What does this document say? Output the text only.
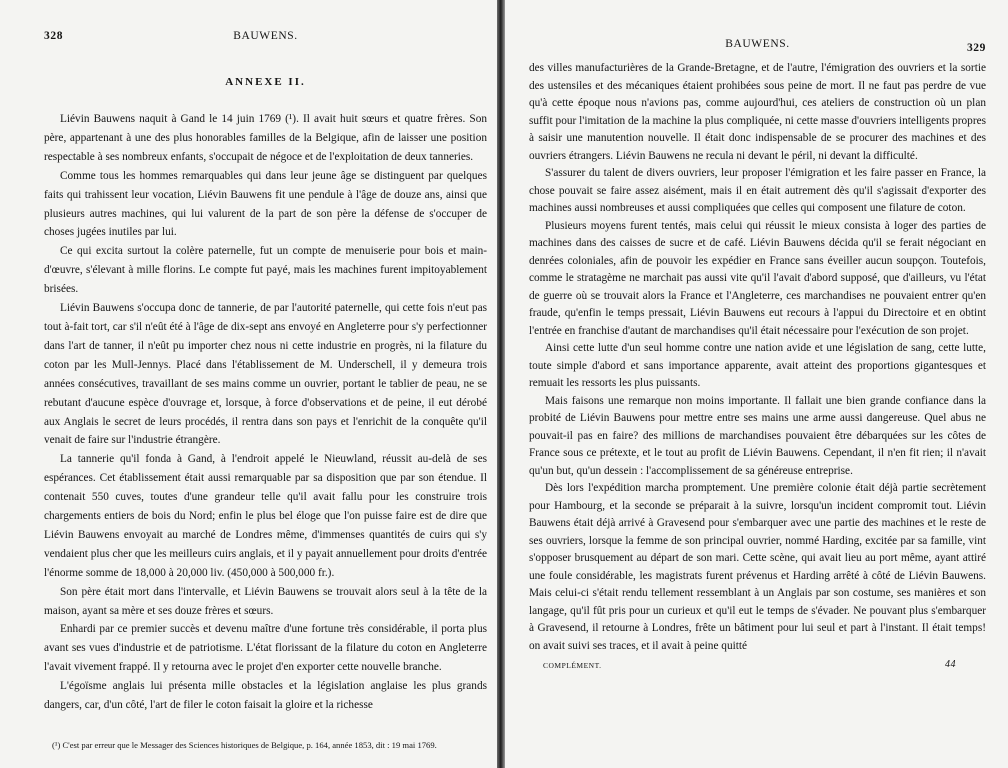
328	BAUWENS.
ANNEXE II.

Liévin Bauwens naquit à Gand le 14 juin 1769 (¹). Il avait huit sœurs et quatre frères. Son père, appartenant à une des plus honorables familles de la Belgique, afin de laisser une position respectable à ses nombreux enfants, s'occupait de négoce et de l'exploitation de deux tanneries.

Comme tous les hommes remarquables qui dans leur jeune âge se distinguent par quelques faits qui trahissent leur vocation, Liévin Bauwens fit une pendule à l'âge de douze ans, ainsi que plusieurs autres machines, qui lui valurent de la part de son père la défense de s'occuper de choses jugées inutiles par lui.

Ce qui excita surtout la colère paternelle, fut un compte de menuiserie pour bois et main-d'œuvre, s'élevant à mille florins. Le compte fut payé, mais les machines furent impitoyablement brisées.

Liévin Bauwens s'occupa donc de tannerie, de par l'autorité paternelle, qui cette fois n'eut pas tout à-fait tort, car s'il n'eût été à l'âge de dix-sept ans envoyé en Angleterre pour s'y perfectionner dans l'art de tanner, il n'eût pu importer chez nous ni cette industrie en progrès, ni la filature du coton par les Mull-Jennys. Placé dans l'établissement de M. Underschell, il y demeura trois années consécutives, travaillant de ses mains comme un ouvrier, portant le tablier de peau, ne se rebutant d'aucune espèce d'ouvrage et, lorsque, à force d'observations et de peine, il eut dérobé aux Anglais le secret de leurs procédés, il rentra dans son pays et l'enrichit de la conquête qu'il venait de faire sur l'industrie étrangère.

La tannerie qu'il fonda à Gand, à l'endroit appelé le Nieuwland, réussit au-delà de ses espérances. Cet établissement était aussi remarquable par sa disposition que par son étendue. Il contenait 550 cuves, toutes d'une grandeur telle qu'il avait fallu pour les construire trois chargements entiers de bois du Nord; enfin le plus bel éloge que l'on puisse faire est de dire que Liévin Bauwens envoyait au marché de Londres même, d'immenses quantités de cuirs qui s'y vendaient plus cher que les meilleurs cuirs anglais, et il y payait annuellement pour droits d'entrée l'énorme somme de 18,000 à 20,000 liv. (450,000 à 500,000 fr.).

Son père était mort dans l'intervalle, et Liévin Bauwens se trouvait alors seul à la tête de la maison, ayant sa mère et ses douze frères et sœurs.

Enhardi par ce premier succès et devenu maître d'une fortune très considérable, il porta plus avant ses vues d'industrie et de patriotisme. L'état florissant de la filature du coton en Angleterre l'avait vivement frappé. Il y retourna avec le projet d'en exporter cette nouvelle branche.

L'égoïsme anglais lui présenta mille obstacles et la législation anglaise les plus grands dangers, car, d'un côté, l'art de filer le coton faisait la gloire et la richesse

(¹) C'est par erreur que le Messager des Sciences historiques de Belgique, p. 164, année 1853, dit : 19 mai 1769.
BAUWENS.	329

des villes manufacturières de la Grande-Bretagne, et de l'autre, l'émigration des ouvriers et la sortie des ustensiles et des mécaniques étaient prohibées sous peine de mort. Il ne faut pas perdre de vue qu'à cette époque nous n'avions pas, comme aujourd'hui, ces ateliers de construction où un plan suffit pour l'imitation de la machine la plus compliquée, ni cette masse d'ouvriers intelligents propres à saisir une manutention nouvelle. Il était donc indispensable de se procurer des machines et des ouvriers étrangers. Liévin Bauwens ne recula ni devant le péril, ni devant la difficulté.

S'assurer du talent de divers ouvriers, leur proposer l'émigration et les faire passer en France, la chose pouvait se faire assez aisément, mais il en était autrement dès qu'il s'agissait d'exporter des machines aussi nombreuses et aussi compliquées que celles qui composent une filature de coton.

Plusieurs moyens furent tentés, mais celui qui réussit le mieux consista à loger des parties de machines dans des caisses de sucre et de café. Liévin Bauwens décida qu'il se ferait négociant en denrées coloniales, afin de pouvoir les expédier en France sans éveiller aucun soupçon. Toutefois, comme le stratagème ne marchait pas aussi vite qu'il l'avait d'abord supposé, que d'ailleurs, vu l'état de guerre où se trouvait alors la France et l'Angleterre, ces marchandises ne pouvaient entrer qu'en fraude, qu'enfin le temps pressait, Liévin Bauwens eut recours à l'appui du Directoire et en obtint l'entrée en franchise d'autant de marchandises qu'il était nécessaire pour l'exécution de son projet.

Ainsi cette lutte d'un seul homme contre une nation avide et une législation de sang, cette lutte, toute simple d'abord et sans importance apparente, avait atteint des proportions gigantesques et remuait les ressorts les plus puissants.

Mais faisons une remarque non moins importante. Il fallait une bien grande confiance dans la probité de Liévin Bauwens pour mettre entre ses mains une arme aussi dangereuse. Quel abus ne pouvait-il pas en faire? des millions de marchandises pouvaient être débarquées sur les côtes de France sous ce prétexte, et le tout au profit de Liévin Bauwens. Cependant, il n'en fit rien; il n'avait qu'un but, qu'un dessein : l'accomplissement de sa généreuse entreprise.

Dès lors l'expédition marcha promptement. Une première colonie était déjà partie secrètement pour Hambourg, et la seconde se préparait à la suivre, lorsqu'un incident compromit tout. Liévin Bauwens était déjà arrivé à Gravesend pour s'embarquer avec une partie des machines et le reste de ses ouvriers, lorsque la femme de son principal ouvrier, nommé Harding, excitée par sa famille, vint s'opposer brusquement au départ de son mari. Cette scène, qui avait lieu au port même, ayant attiré une foule considérable, les magistrats furent prévenus et Harding arrêté à côté de Liévin Bauwens. Mais celui-ci s'était rendu tellement ressemblant à un Anglais par son costume, ses manières et son langage, qu'il fût pris pour un curieux et qu'il eut le temps de s'évader. Ne pouvant plus s'embarquer à Gravesend, il retourne à Londres, frête un bâtiment pour lui seul et part à l'instant. Il était temps! on avait suivi ses traces, et il avait à peine quitté

COMPLÉMENT.	44
